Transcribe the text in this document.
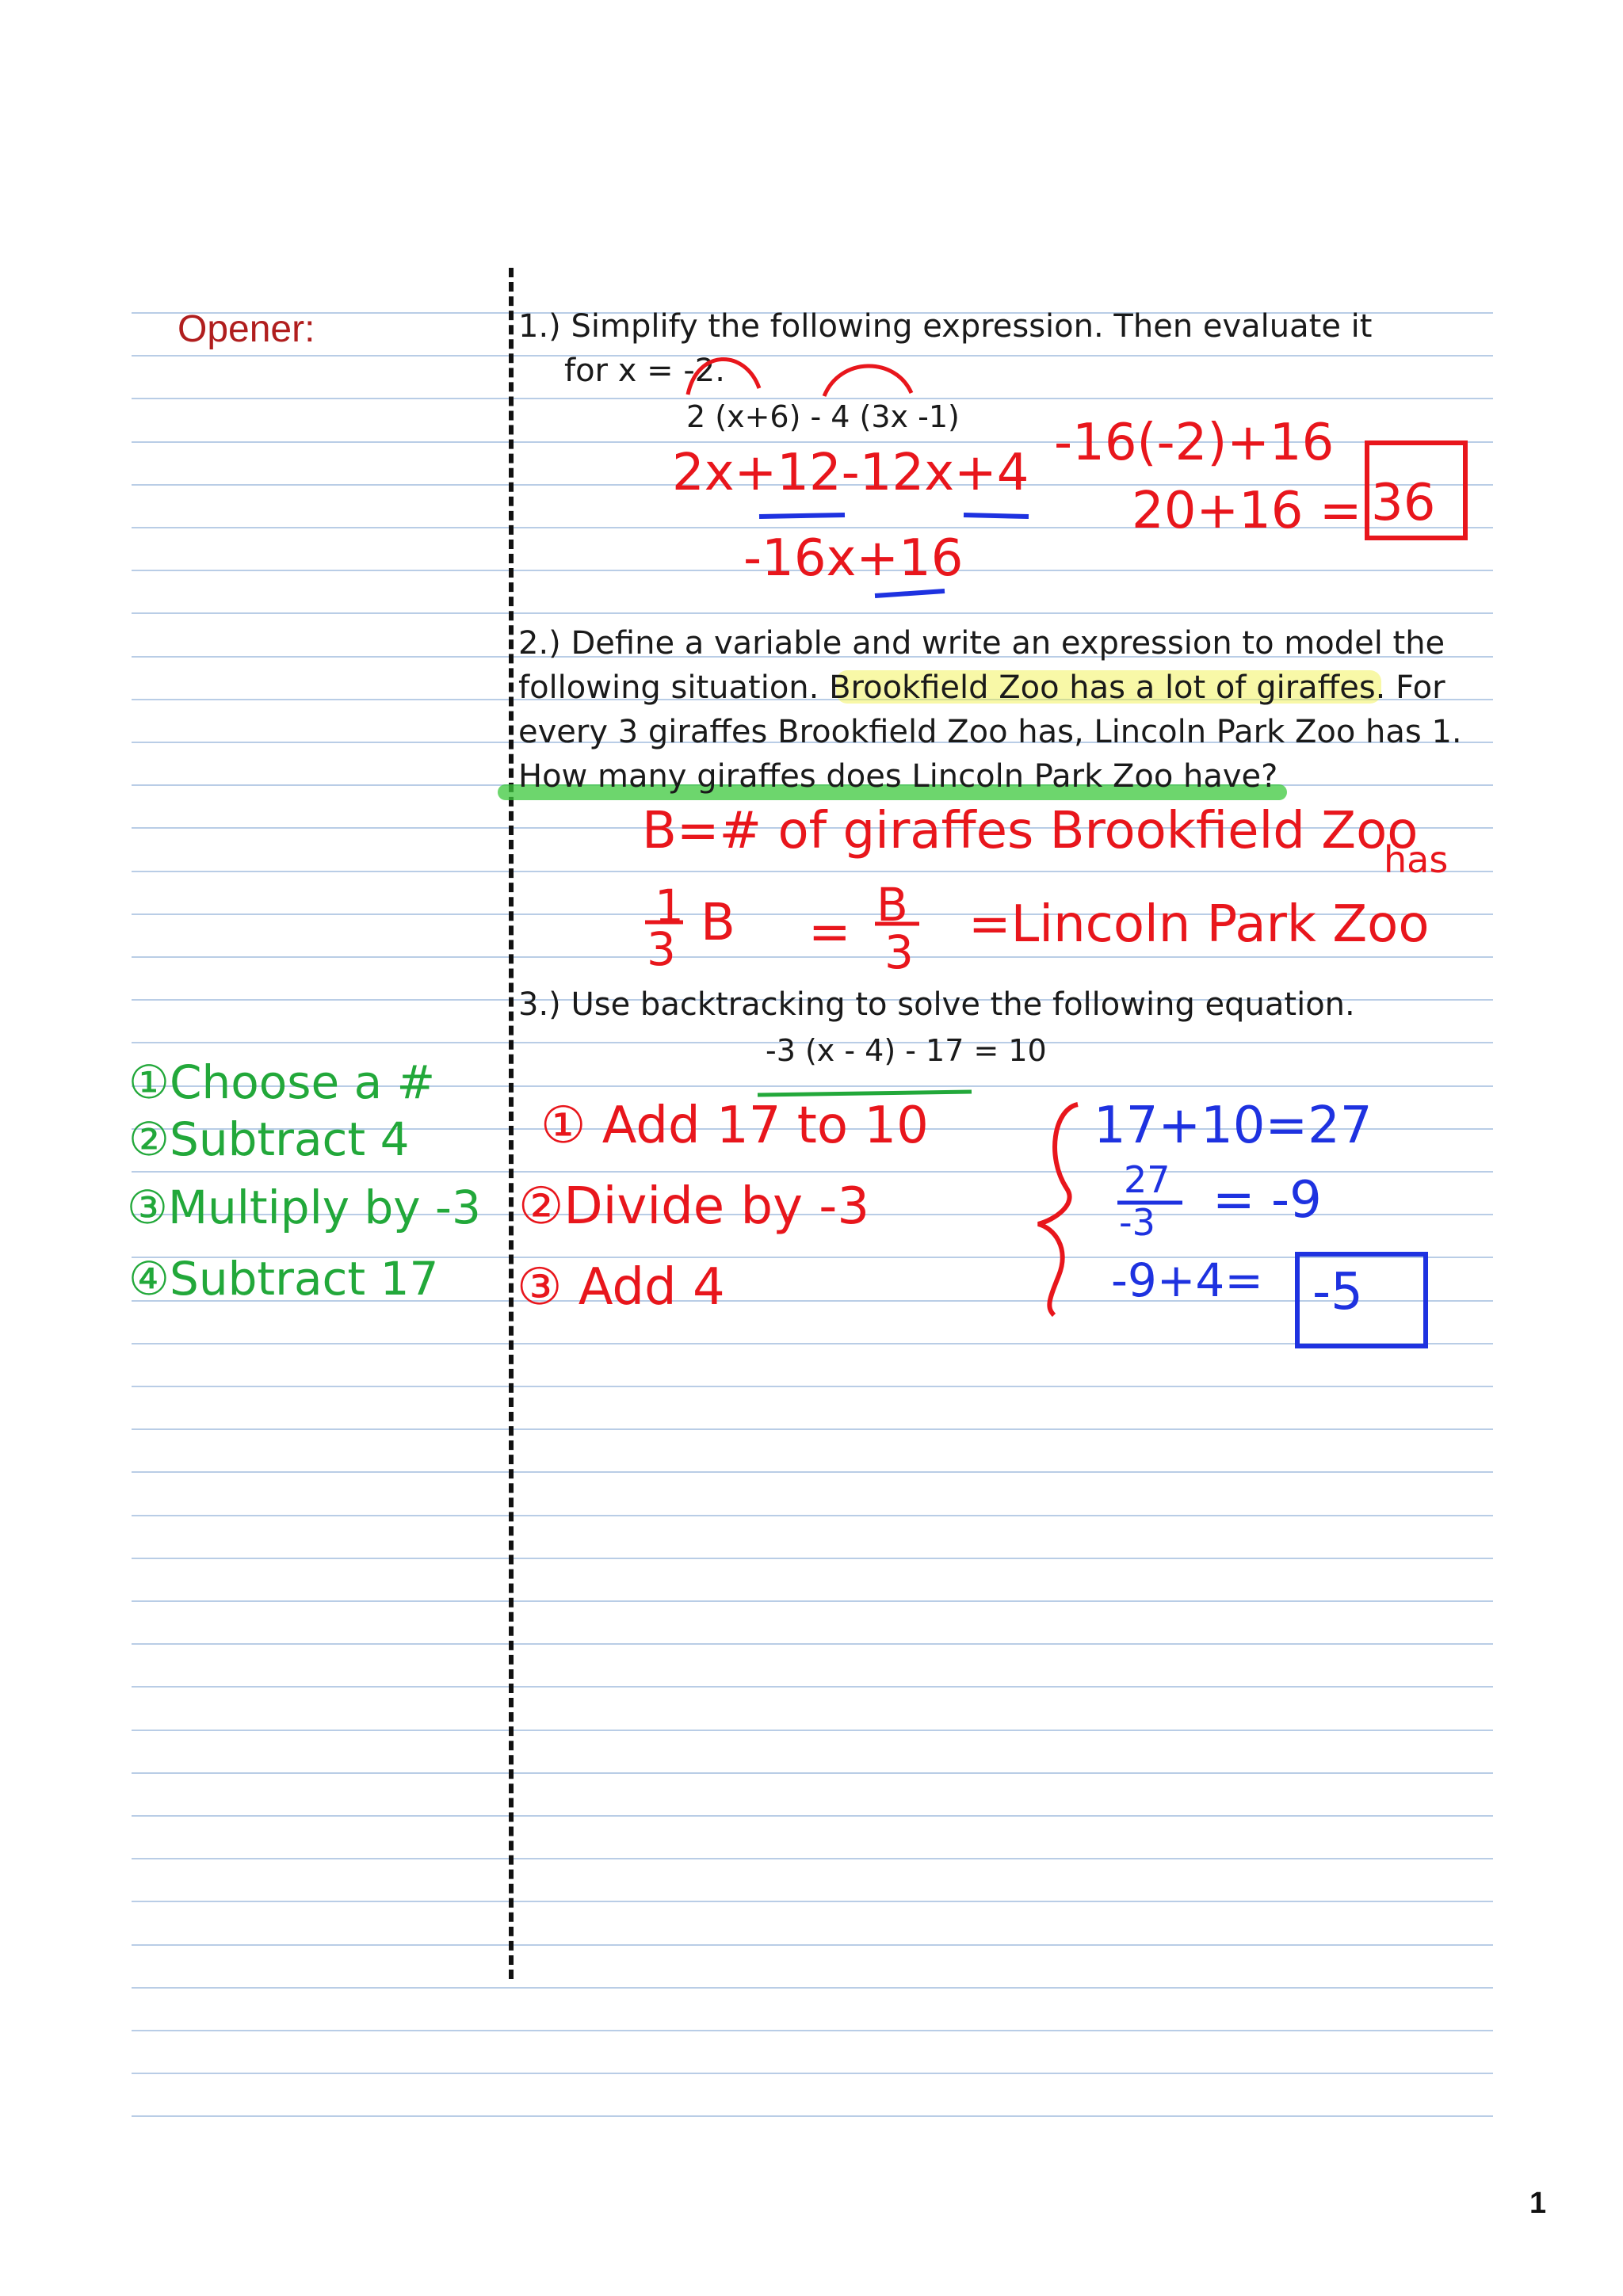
Opener:	1.) Simplify the following expression. Then evaluate it
for x = -2.
2 (x+6) - 4 (3x -1)
2x+12-12x+4
-16x+16
-16(-2)+16
20+16 = 36
2.) Define a variable and write an expression to model the
following situation. Brookfield Zoo has a lot of giraffes. For
every 3 giraffes Brookfield Zoo has, Lincoln Park Zoo has 1.
How many giraffes does Lincoln Park Zoo have?
B=# of giraffes Brookfield Zoo
has
1
3 B = B
3 =Lincoln Park Zoo
3.) Use backtracking to solve the following equation.
-3 (x - 4) - 17 = 10
①Choose a #
②Subtract 4
③Multiply by -3
④Subtract 17
① Add 17 to 10
②Divide by -3
③ Add 4
17+10=27
27
-3 = -9
-9+4= -5
1
